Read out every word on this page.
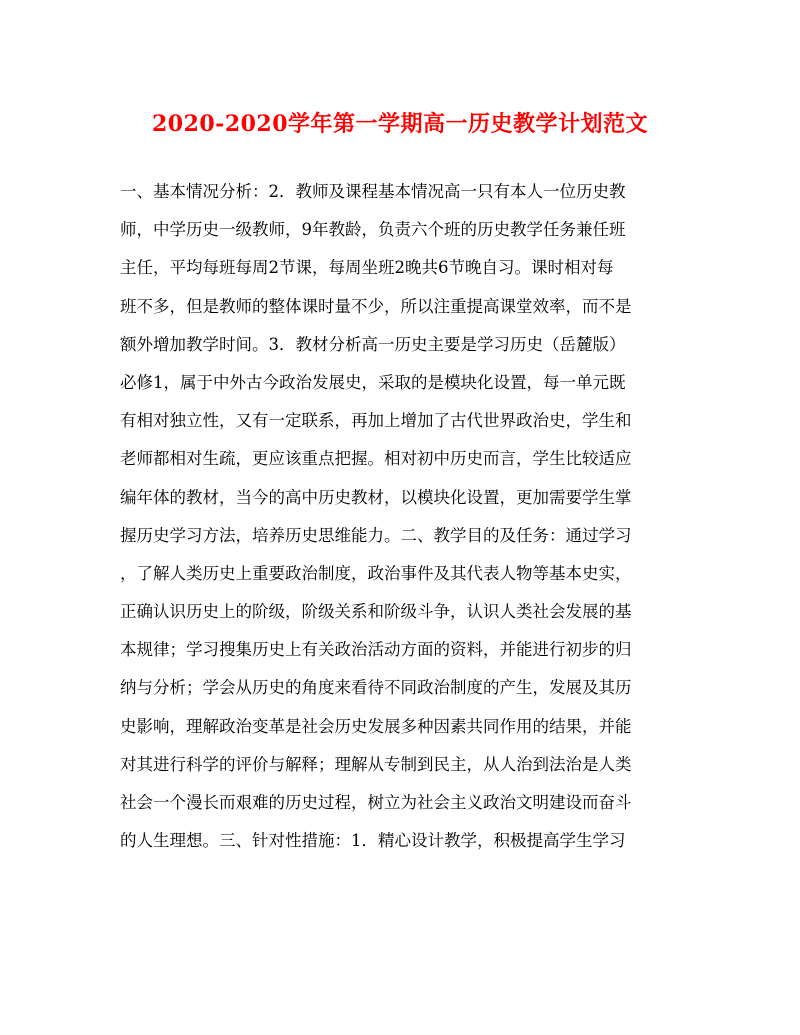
2020-2020学年第一学期高一历史教学计划范文
一、基本情况分析：2．教师及课程基本情况高一只有本人一位历史教
师，中学历史一级教师，9年教龄，负责六个班的历史教学任务兼任班
主任，平均每班每周2节课，每周坐班2晚共6节晚自习。课时相对每
班不多，但是教师的整体课时量不少，所以注重提高课堂效率，而不是
额外增加教学时间。3．教材分析高一历史主要是学习历史（岳麓版）
必修1，属于中外古今政治发展史，采取的是模块化设置，每一单元既
有相对独立性，又有一定联系，再加上增加了古代世界政治史，学生和
老师都相对生疏，更应该重点把握。相对初中历史而言，学生比较适应
编年体的教材，当今的高中历史教材，以模块化设置，更加需要学生掌
握历史学习方法，培养历史思维能力。二、教学目的及任务：通过学习
，了解人类历史上重要政治制度，政治事件及其代表人物等基本史实，
正确认识历史上的阶级，阶级关系和阶级斗争，认识人类社会发展的基
本规律；学习搜集历史上有关政治活动方面的资料，并能进行初步的归
纳与分析；学会从历史的角度来看待不同政治制度的产生，发展及其历
史影响，理解政治变革是社会历史发展多种因素共同作用的结果，并能
对其进行科学的评价与解释；理解从专制到民主，从人治到法治是人类
社会一个漫长而艰难的历史过程，树立为社会主义政治文明建设而奋斗
的人生理想。三、针对性措施：1．精心设计教学，积极提高学生学习
